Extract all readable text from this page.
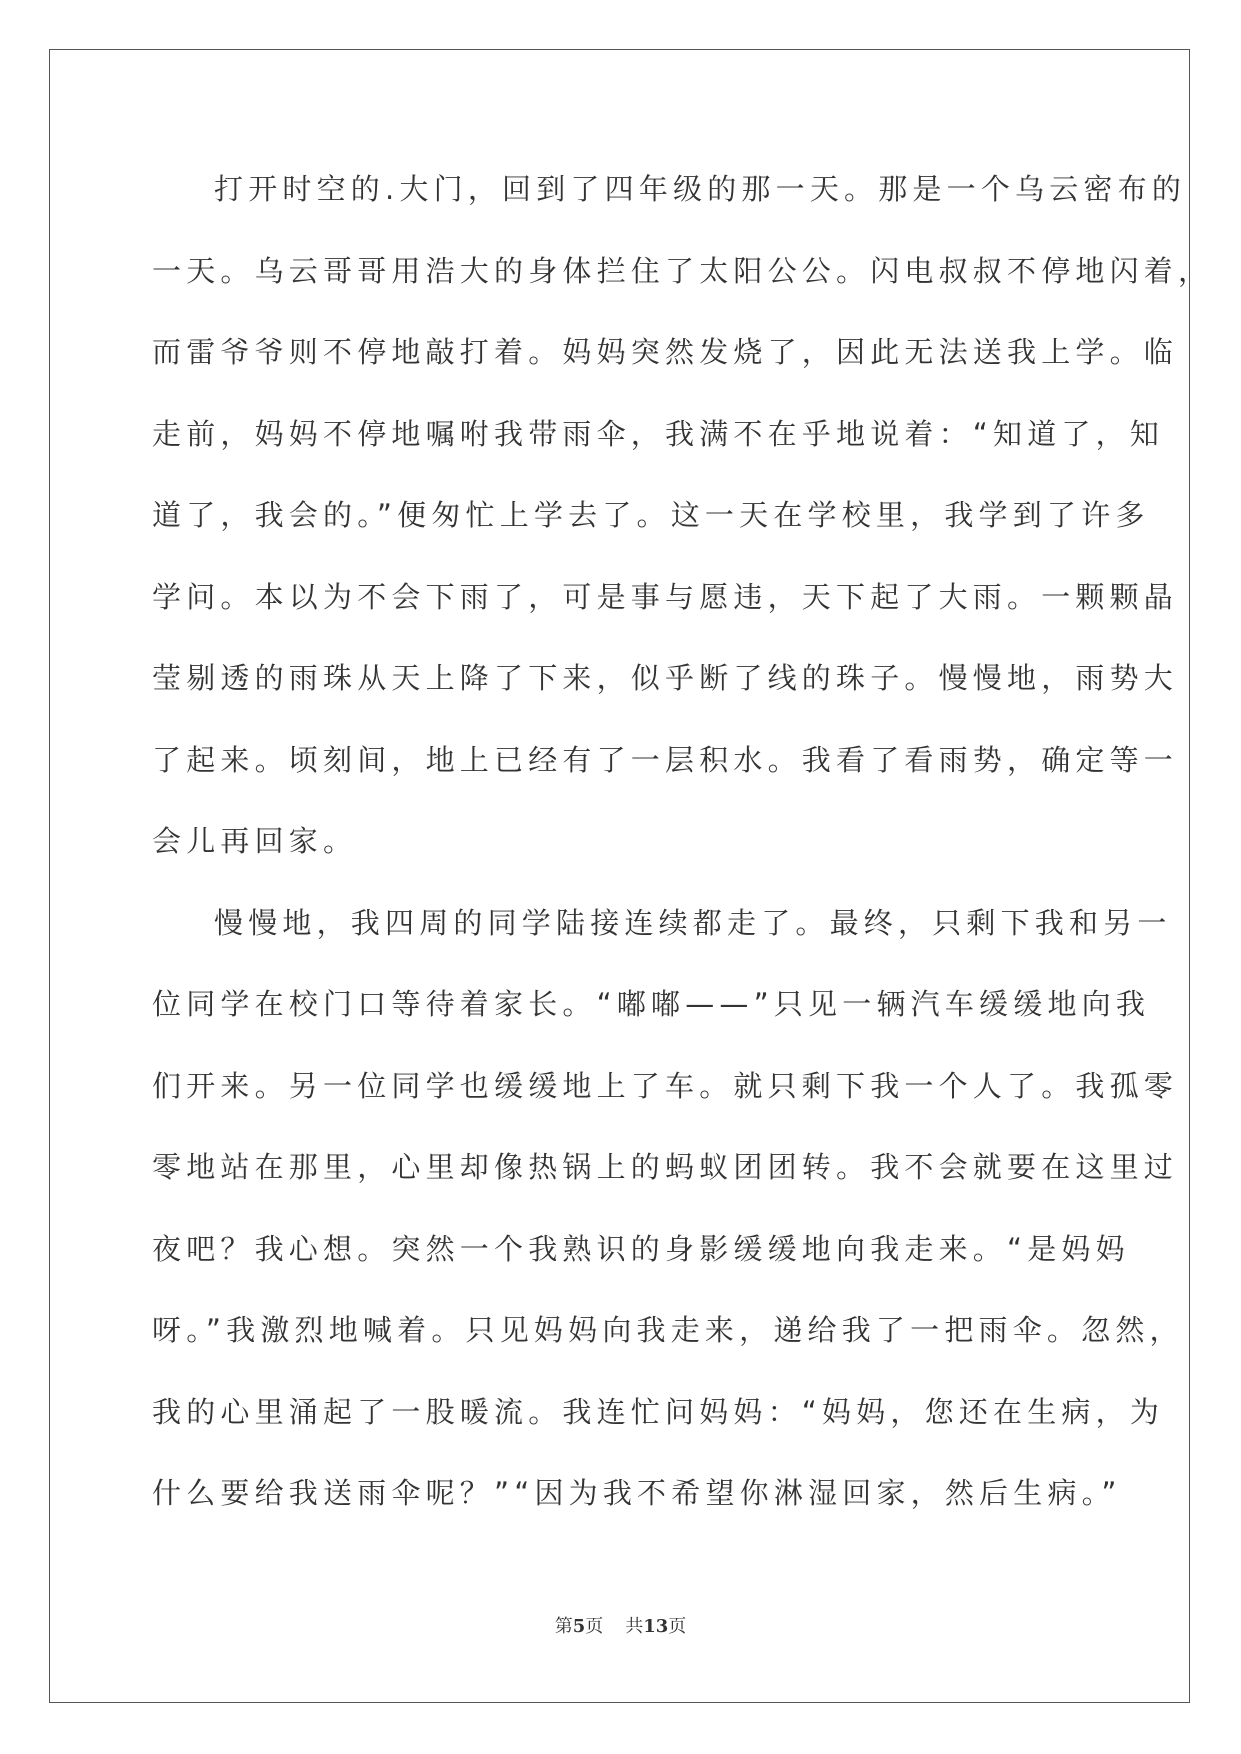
打开时空的.大门，回到了四年级的那一天。那是一个乌云密布的
一天。乌云哥哥用浩大的身体拦住了太阳公公。闪电叔叔不停地闪着，
而雷爷爷则不停地敲打着。妈妈突然发烧了，因此无法送我上学。临
走前，妈妈不停地嘱咐我带雨伞，我满不在乎地说着：“知道了，知
道了，我会的。”便匆忙上学去了。这一天在学校里，我学到了许多
学问。本以为不会下雨了，可是事与愿违，天下起了大雨。一颗颗晶
莹剔透的雨珠从天上降了下来，似乎断了线的珠子。慢慢地，雨势大
了起来。顷刻间，地上已经有了一层积水。我看了看雨势，确定等一
会儿再回家。
慢慢地，我四周的同学陆接连续都走了。最终，只剩下我和另一
位同学在校门口等待着家长。“嘟嘟——”只见一辆汽车缓缓地向我
们开来。另一位同学也缓缓地上了车。就只剩下我一个人了。我孤零
零地站在那里，心里却像热锅上的蚂蚁团团转。我不会就要在这里过
夜吧？我心想。突然一个我熟识的身影缓缓地向我走来。“是妈妈
呀。”我激烈地喊着。只见妈妈向我走来，递给我了一把雨伞。忽然，
我的心里涌起了一股暖流。我连忙问妈妈：“妈妈，您还在生病，为
什么要给我送雨伞呢？”“因为我不希望你淋湿回家，然后生病。”
第5页 共13页
